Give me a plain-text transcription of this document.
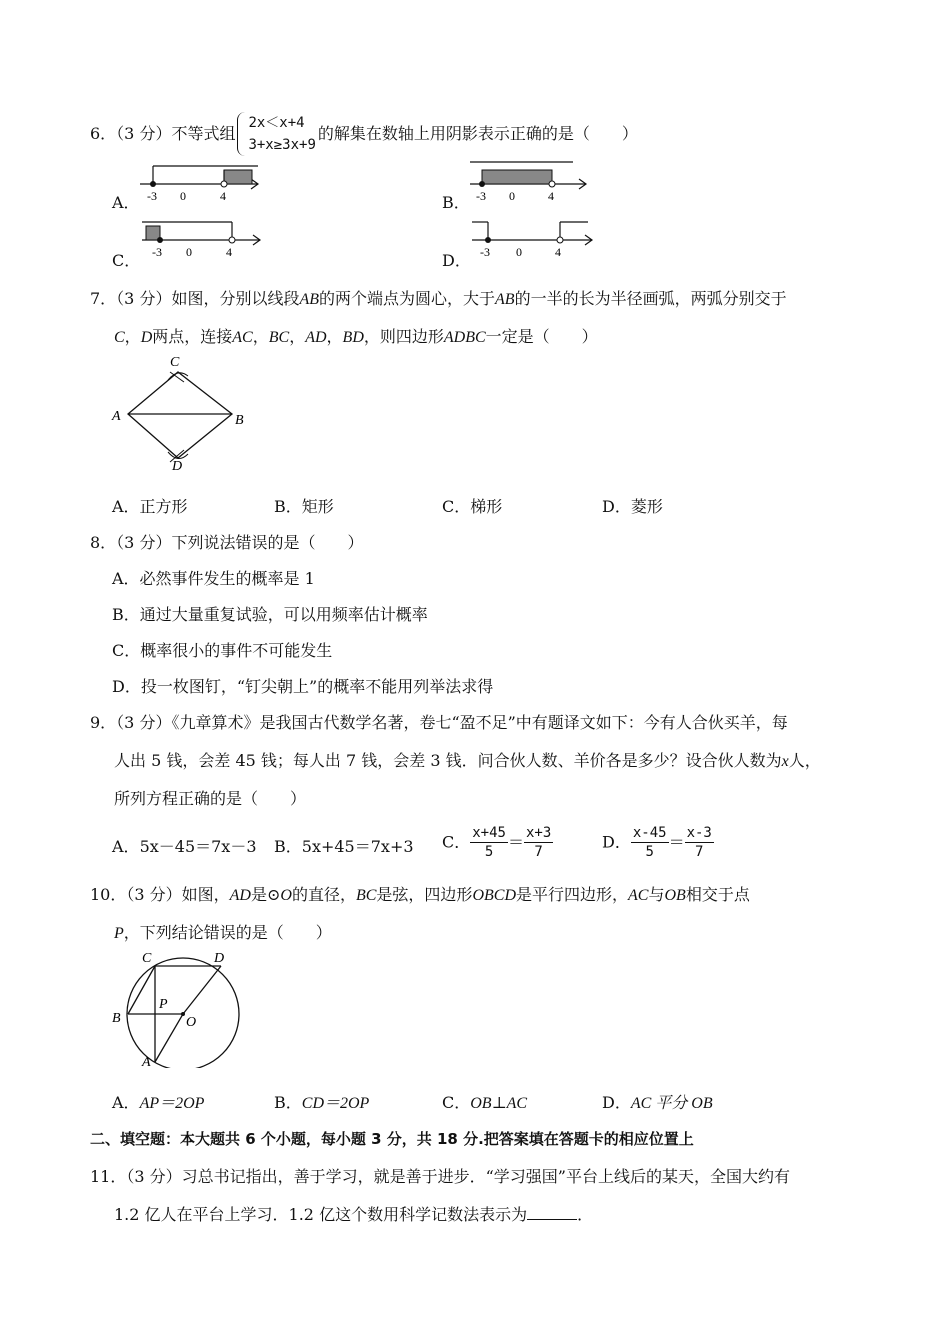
6．（3 分）不等式组
2x＜x+4
3+x≥3x+9
的解集在数轴上用阴影表示正确的是（　　）
A． -3 0	4	B． -3 0	4
C． -3 0	4	D． -3 0	4
7．（3 分）如图，分别以线段AB的两个端点为圆心，大于AB的一半的长为半径画弧，两弧分别交于
C，D两点，连接AC，BC，AD，BD，则四边形ADBC一定是（　　）
C
A	B
D
A．正方形	B．矩形	C．梯形	D．菱形
8．（3 分）下列说法错误的是（　　）
A．必然事件发生的概率是 1
B．通过大量重复试验，可以用频率估计概率
C．概率很小的事件不可能发生
D．投一枚图钉，“钉尖朝上”的概率不能用列举法求得
9．（3 分）《九章算术》是我国古代数学名著，卷七“盈不足”中有题译文如下：今有人合伙买羊，每
人出 5 钱，会差 45 钱；每人出 7 钱，会差 3 钱．问合伙人数、羊价各是多少？设合伙人数为x人，
所列方程正确的是（　　）
A．5x－45＝7x－3 B．5x+45＝7x+3 C． $\frac{x+45}{5} = \frac{x+3}{7}$	D． $\frac{x-45}{5} = \frac{x-3}{7}$
10．（3 分）如图，AD是⊙O的直径，BC是弦，四边形OBCD是平行四边形，AC与OB相交于点
P，下列结论错误的是（　　）
C	D
P
B	O
A
A．AP＝2OP	B．CD＝2OP	C．OB⊥AC	D．AC 平分 OB
二、填空题：本大题共 6 个小题，每小题 3 分，共 18 分.把答案填在答题卡的相应位置上
11．（3 分）习总书记指出，善于学习，就是善于进步．“学习强国”平台上线后的某天，全国大约有
1.2 亿人在平台上学习．1.2 亿这个数用科学记数法表示为	．
